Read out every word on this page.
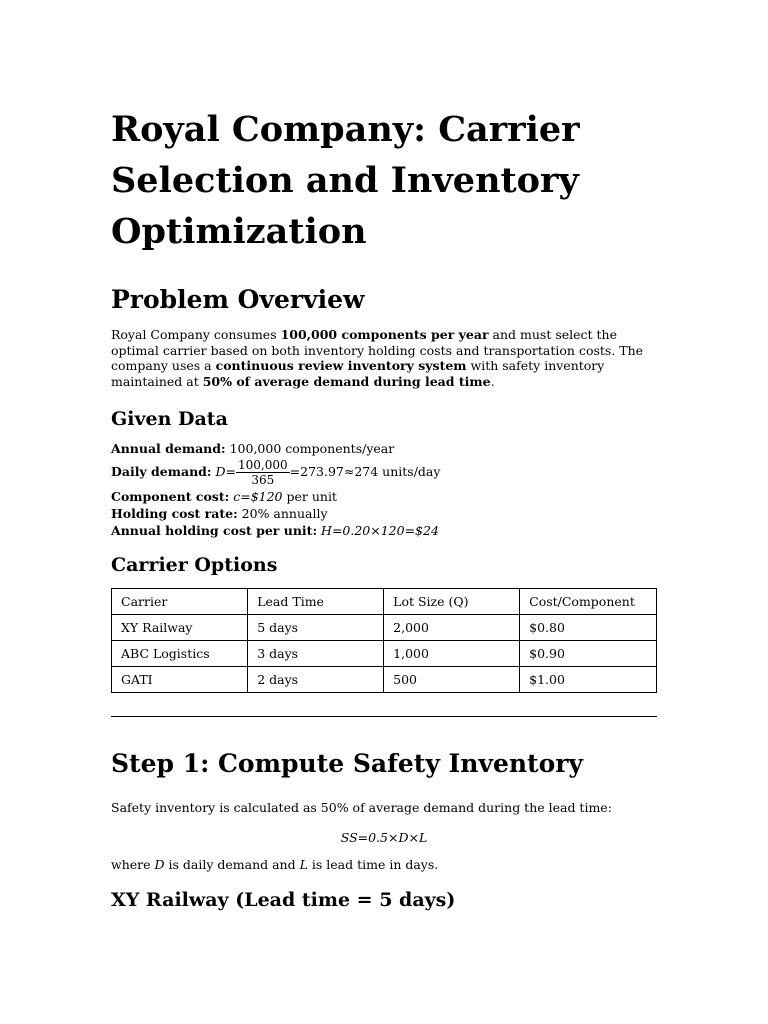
Royal Company: Carrier Selection and Inventory Optimization
Problem Overview

Royal Company consumes 100,000 components per year and must select the optimal carrier based on both inventory holding costs and transportation costs. The company uses a continuous review inventory system with safety inventory maintained at 50% of average demand during lead time.

Given Data
Annual demand: 100,000 components/year
Daily demand: $D= \frac{100,000}{365} =273.97\approx 274$ units/day
Component cost: c=$120 per unit
Holding cost rate: 20% annually
Annual holding cost per unit: H=0.20×120=$24
Carrier Options
Carrier	Lead Time	Lot Size (Q)	Cost/Component
XY Railway	5 days	2,000	$0.80
ABC Logistics	3 days	1,000	$0.90
GATI	2 days	500	$1.00
Step 1: Compute Safety Inventory

Safety inventory is calculated as 50% of average demand during the lead time:

SS=0.5×D×L

where D is daily demand and L is lead time in days.

XY Railway (Lead time = 5 days)
